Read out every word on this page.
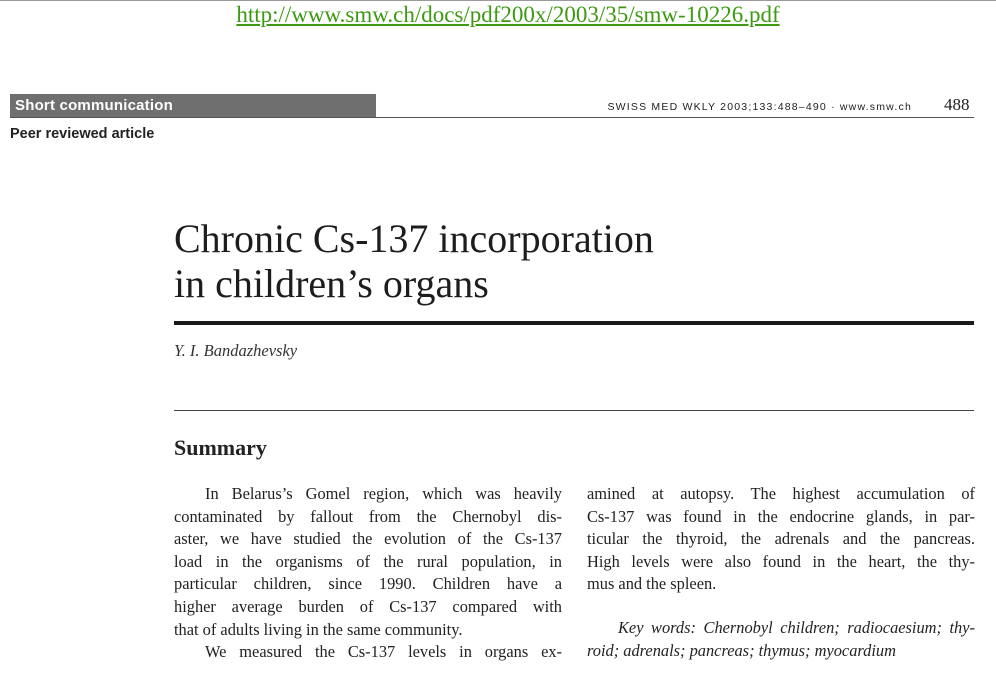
http://www.smw.ch/docs/pdf200x/2003/35/smw-10226.pdf
Short communication	SWISS MED WKLY 2003;133:488–490 · www.smw.ch 488
Peer reviewed article
Chronic Cs-137 incorporation
in children’s organs
Y. I. Bandazhevsky
Summary
In Belarus’s Gomel region, which was heavily
contaminated by fallout from the Chernobyl dis-
aster, we have studied the evolution of the Cs-137
load in the organisms of the rural population, in
particular children, since 1990. Children have a
higher average burden of Cs-137 compared with
that of adults living in the same community.
We measured the Cs-137 levels in organs ex-
amined at autopsy. The highest accumulation of
Cs-137 was found in the endocrine glands, in par-
ticular the thyroid, the adrenals and the pancreas.
High levels were also found in the heart, the thy-
mus and the spleen.
Key words: Chernobyl children; radiocaesium; thy-
roid; adrenals; pancreas; thymus; myocardium
